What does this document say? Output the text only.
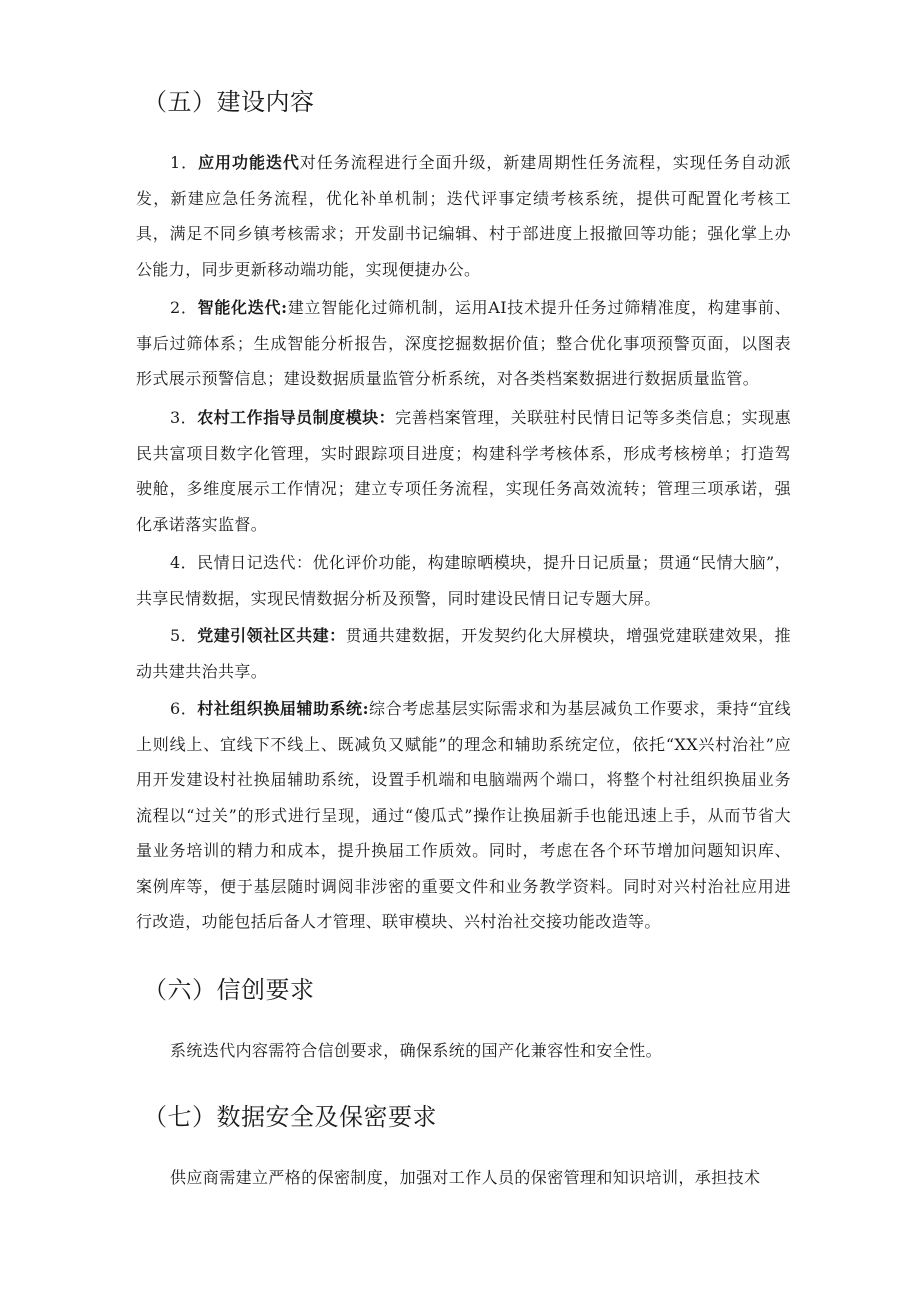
（五）建设内容
1．应用功能迭代对任务流程进行全面升级，新建周期性任务流程，实现任务自动派发，新建应急任务流程，优化补单机制；迭代评事定绩考核系统，提供可配置化考核工具，满足不同乡镇考核需求；开发副书记编辑、村于部进度上报撤回等功能；强化掌上办公能力，同步更新移动端功能，实现便捷办公。
2．智能化迭代:建立智能化过筛机制，运用AI技术提升任务过筛精准度，构建事前、事后过筛体系；生成智能分析报告，深度挖掘数据价值；整合优化事项预警页面，以图表形式展示预警信息；建设数据质量监管分析系统，对各类档案数据进行数据质量监管。
3．农村工作指导员制度模块：完善档案管理，关联驻村民情日记等多类信息；实现惠民共富项目数字化管理，实时跟踪项目进度；构建科学考核体系，形成考核榜单；打造驾驶舱，多维度展示工作情况；建立专项任务流程，实现任务高效流转；管理三项承诺，强化承诺落实监督。
4．民情日记迭代：优化评价功能，构建晾晒模块，提升日记质量；贯通“民情大脑”，共享民情数据，实现民情数据分析及预警，同时建设民情日记专题大屏。
5．党建引领社区共建：贯通共建数据，开发契约化大屏模块，增强党建联建效果，推动共建共治共享。
6．村社组织换届辅助系统:综合考虑基层实际需求和为基层减负工作要求，秉持“宜线上则线上、宜线下不线上、既减负又赋能”的理念和辅助系统定位，依托“XX兴村治社”应用开发建设村社换届辅助系统，设置手机端和电脑端两个端口，将整个村社组织换届业务流程以“过关”的形式进行呈现，通过“傻瓜式”操作让换届新手也能迅速上手，从而节省大量业务培训的精力和成本，提升换届工作质效。同时，考虑在各个环节增加问题知识库、案例库等，便于基层随时调阅非涉密的重要文件和业务教学资料。同时对兴村治社应用进行改造，功能包括后备人才管理、联审模块、兴村治社交接功能改造等。
（六）信创要求
系统迭代内容需符合信创要求，确保系统的国产化兼容性和安全性。
（七）数据安全及保密要求
供应商需建立严格的保密制度，加强对工作人员的保密管理和知识培训，承担技术
